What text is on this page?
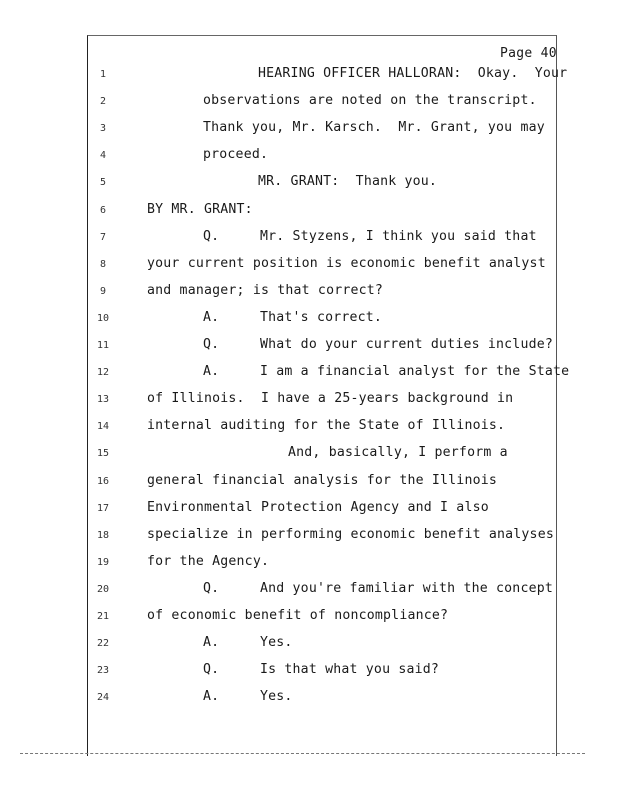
Page 40
1	HEARING OFFICER HALLORAN:  Okay.  Your
2	observations are noted on the transcript.
3	Thank you, Mr. Karsch.  Mr. Grant, you may
4	proceed.
5	MR. GRANT:  Thank you.
6	BY MR. GRANT:
7	Q.     Mr. Styzens, I think you said that
8	your current position is economic benefit analyst
9	and manager; is that correct?
10	A.     That's correct.
11	Q.     What do your current duties include?
12	A.     I am a financial analyst for the State
13	of Illinois.  I have a 25-years background in
14	internal auditing for the State of Illinois.
15	And, basically, I perform a
16	general financial analysis for the Illinois
17	Environmental Protection Agency and I also
18	specialize in performing economic benefit analyses
19	for the Agency.
20	Q.     And you're familiar with the concept
21	of economic benefit of noncompliance?
22	A.     Yes.
23	Q.     Is that what you said?
24	A.     Yes.
